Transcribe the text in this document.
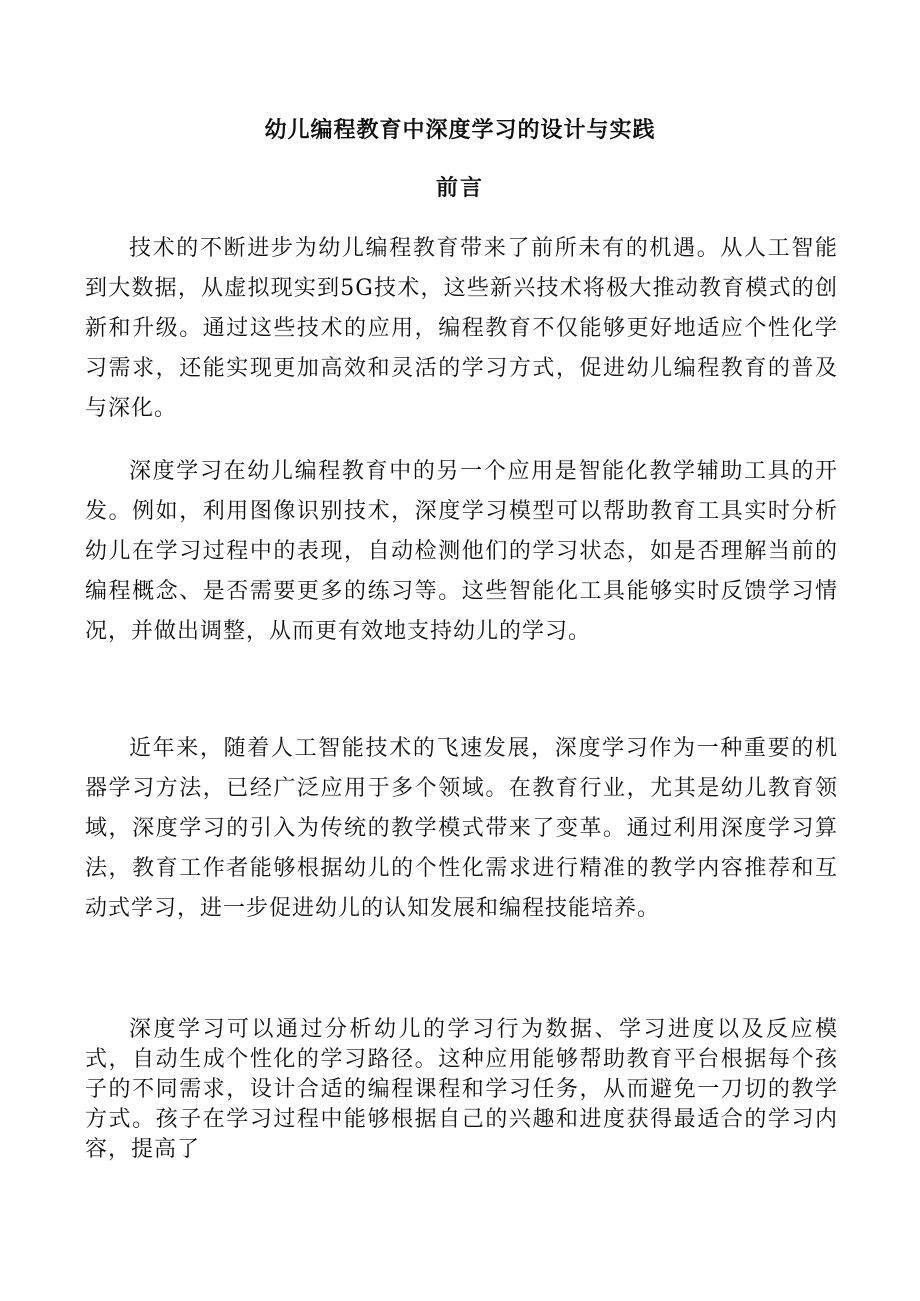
幼儿编程教育中深度学习的设计与实践
前言

技术的不断进步为幼儿编程教育带来了前所未有的机遇。从人工智能到大数据，从虚拟现实到5G技术，这些新兴技术将极大推动教育模式的创新和升级。通过这些技术的应用，编程教育不仅能够更好地适应个性化学习需求，还能实现更加高效和灵活的学习方式，促进幼儿编程教育的普及与深化。

深度学习在幼儿编程教育中的另一个应用是智能化教学辅助工具的开发。例如，利用图像识别技术，深度学习模型可以帮助教育工具实时分析幼儿在学习过程中的表现，自动检测他们的学习状态，如是否理解当前的编程概念、是否需要更多的练习等。这些智能化工具能够实时反馈学习情况，并做出调整，从而更有效地支持幼儿的学习。

近年来，随着人工智能技术的飞速发展，深度学习作为一种重要的机器学习方法，已经广泛应用于多个领域。在教育行业，尤其是幼儿教育领域，深度学习的引入为传统的教学模式带来了变革。通过利用深度学习算法，教育工作者能够根据幼儿的个性化需求进行精准的教学内容推荐和互动式学习，进一步促进幼儿的认知发展和编程技能培养。

深度学习可以通过分析幼儿的学习行为数据、学习进度以及反应模式，自动生成个性化的学习路径。这种应用能够帮助教育平台根据每个孩子的不同需求，设计合适的编程课程和学习任务，从而避免一刀切的教学方式。孩子在学习过程中能够根据自己的兴趣和进度获得最适合的学习内容，提高了
